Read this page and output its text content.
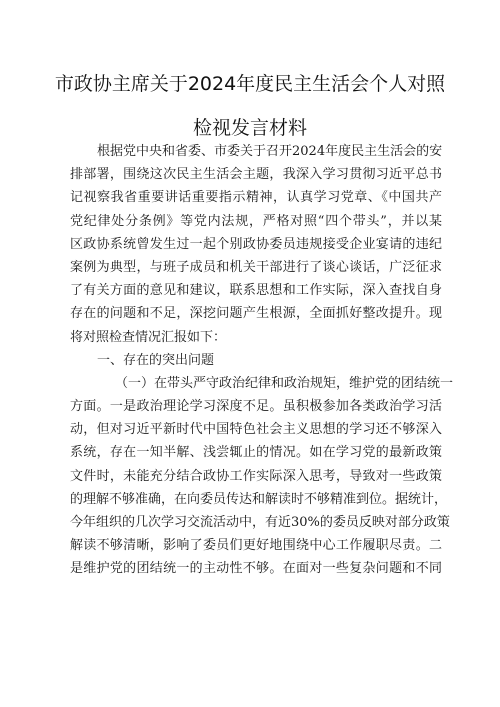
市政协主席关于2024年度民主生活会个人对照
检视发言材料
根据党中央和省委、市委关于召开2024年度民主生活会的安
排部署，围绕这次民主生活会主题，我深入学习贯彻习近平总书
记视察我省重要讲话重要指示精神，认真学习党章、《中国共产
党纪律处分条例》等党内法规，严格对照“四个带头”，并以某
区政协系统曾发生过一起个别政协委员违规接受企业宴请的违纪
案例为典型，与班子成员和机关干部进行了谈心谈话，广泛征求
了有关方面的意见和建议，联系思想和工作实际，深入查找自身
存在的问题和不足，深挖问题产生根源，全面抓好整改提升。现
将对照检查情况汇报如下：
一、存在的突出问题
（一）在带头严守政治纪律和政治规矩，维护党的团结统一
方面。一是政治理论学习深度不足。虽积极参加各类政治学习活
动，但对习近平新时代中国特色社会主义思想的学习还不够深入
系统，存在一知半解、浅尝辄止的情况。如在学习党的最新政策
文件时，未能充分结合政协工作实际深入思考，导致对一些政策
的理解不够准确，在向委员传达和解读时不够精准到位。据统计，
今年组织的几次学习交流活动中，有近30%的委员反映对部分政策
解读不够清晰，影响了委员们更好地围绕中心工作履职尽责。二
是维护党的团结统一的主动性不够。在面对一些复杂问题和不同
